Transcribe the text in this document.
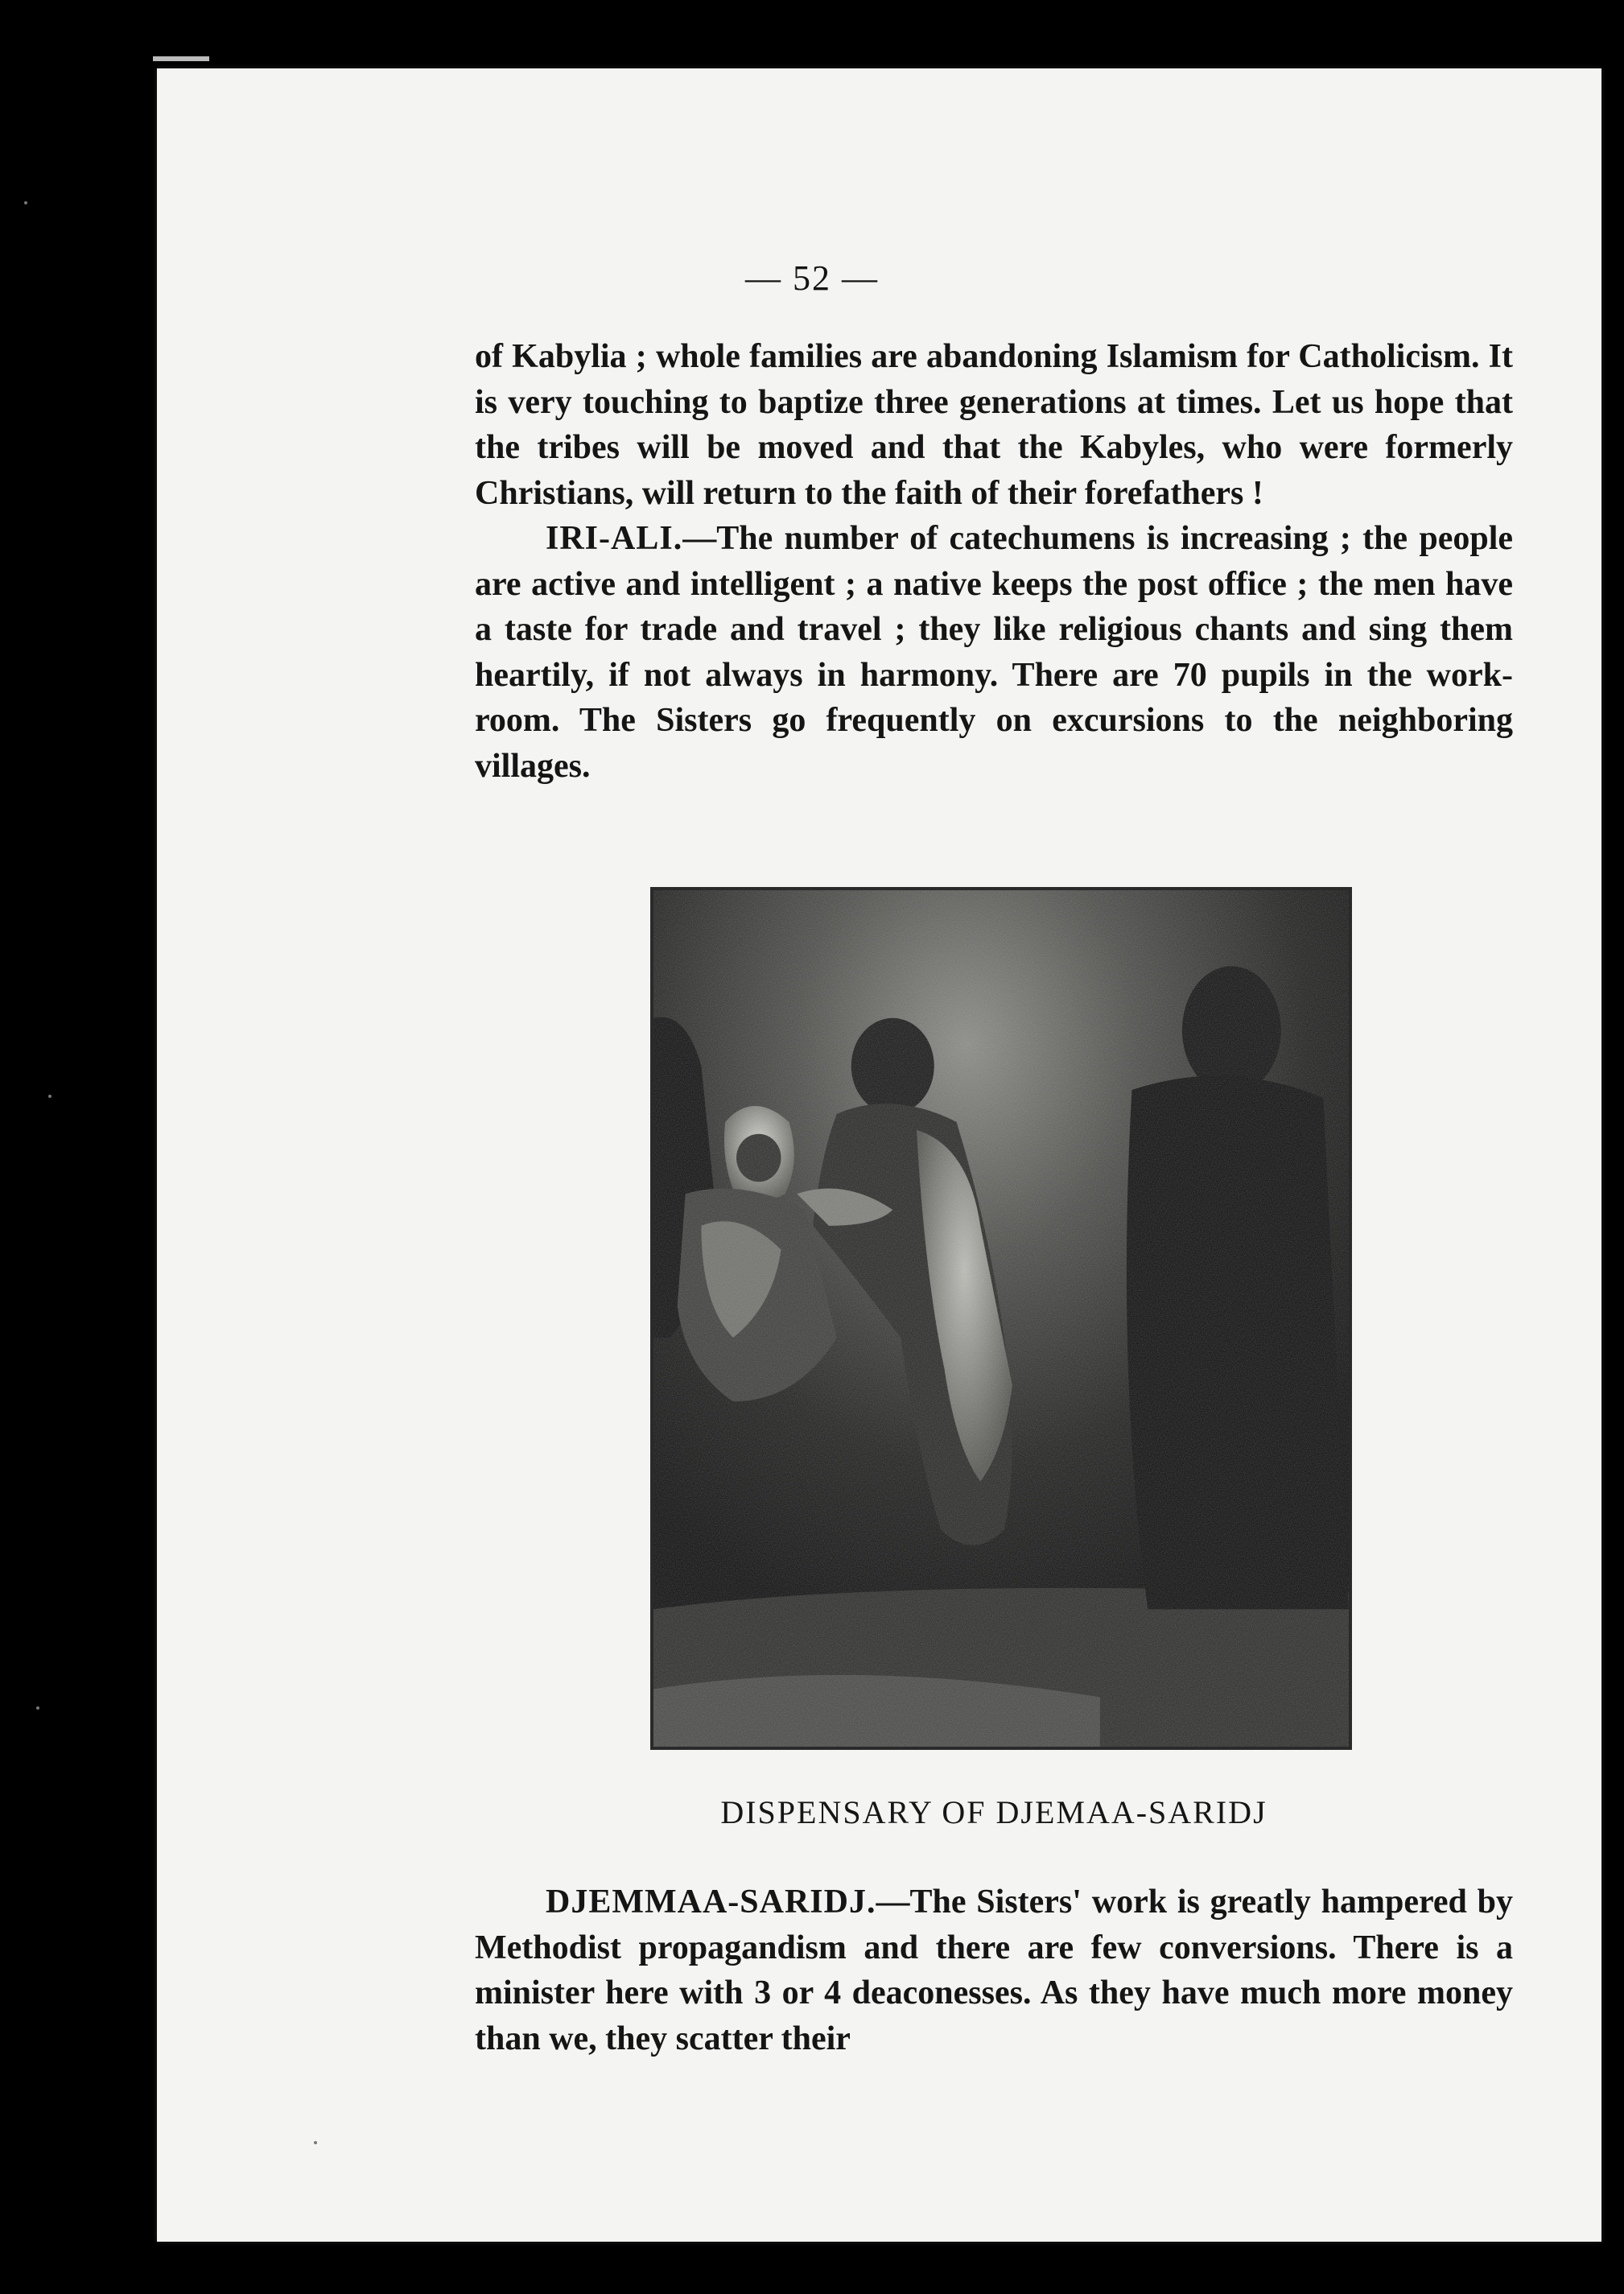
— 52 —

of Kabylia ; whole families are abandoning Islamism for Catholicism. It is very touching to baptize three generations at times. Let us hope that the tribes will be moved and that the Kabyles, who were formerly Christians, will return to the faith of their forefathers !

IRI-ALI.—The number of catechumens is increasing ; the people are active and intelligent ; a native keeps the post office ; the men have a taste for trade and travel ; they like religious chants and sing them heartily, if not always in harmony. There are 70 pupils in the work-room. The Sisters go frequently on excursions to the neighboring villages.

DISPENSARY OF DJEMAA-SARIDJ

DJEMMAA-SARIDJ.—The Sisters' work is greatly hampered by Methodist propagandism and there are few conversions. There is a minister here with 3 or 4 deaconesses. As they have much more money than we, they scatter their
